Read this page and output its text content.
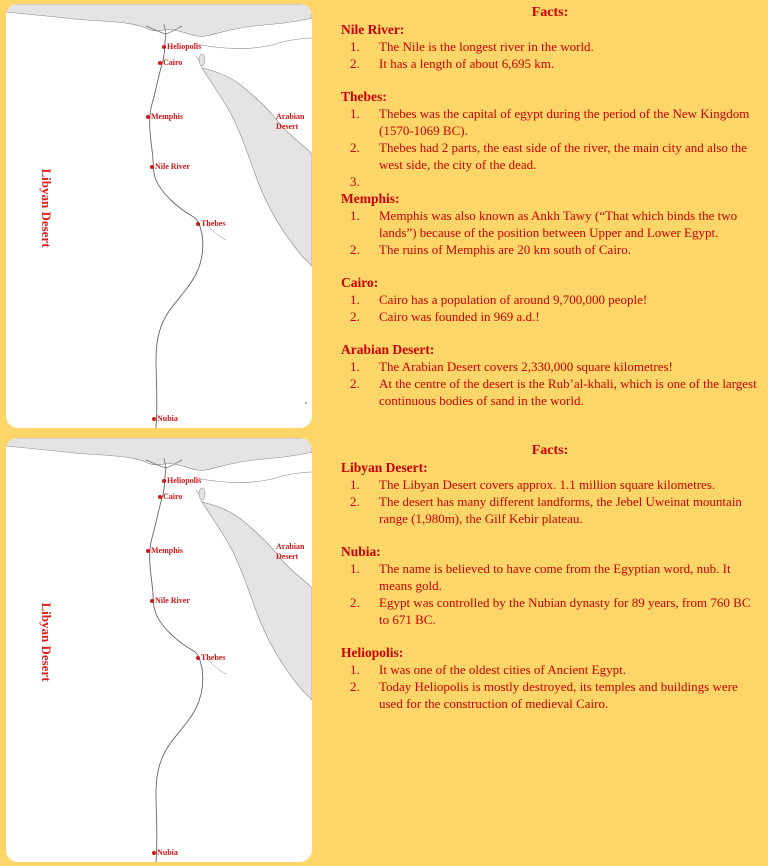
Heliopolis
Cairo
Memphis
Nile River
Thebes
Nubia
Arabian Desert
Libyan Desert
Heliopolis
Cairo
Memphis
Nile River
Thebes
Nubia
Arabian Desert
Libyan Desert
Facts:
Nile River:
1. The Nile is the longest river in the world.
2. It has a length of about 6,695 km.
Thebes:
1. Thebes was the capital of egypt during the period of the New Kingdom (1570-1069 BC).
2. Thebes had 2 parts, the east side of the river, the main city and also the west side, the city of the dead.
3.

Memphis:
1. Memphis was also known as Ankh Tawy (“That which binds the two lands”) because of the position between Upper and Lower Egypt.
2. The ruins of Memphis are 20 km south of Cairo.
Cairo:
1. Cairo has a population of around 9,700,000 people!
2. Cairo was founded in 969 a.d.!
Arabian Desert:
1. The Arabian Desert covers 2,330,000 square kilometres!
2. At the centre of the desert is the Rub’al-khali, which is one of the largest continuous bodies of sand in the world.
Facts:
Libyan Desert:
1. The Libyan Desert covers approx. 1.1 million square kilometres.
2. The desert has many different landforms, the Jebel Uweinat mountain range (1,980m), the Gilf Kebir plateau.
Nubia:
1. The name is believed to have come from the Egyptian word, nub. It means gold.
2. Egypt was controlled by the Nubian dynasty for 89 years, from 760 BC to 671 BC.
Heliopolis:
1. It was one of the oldest cities of Ancient Egypt.
2. Today Heliopolis is mostly destroyed, its temples and buildings were used for the construction of medieval Cairo.
